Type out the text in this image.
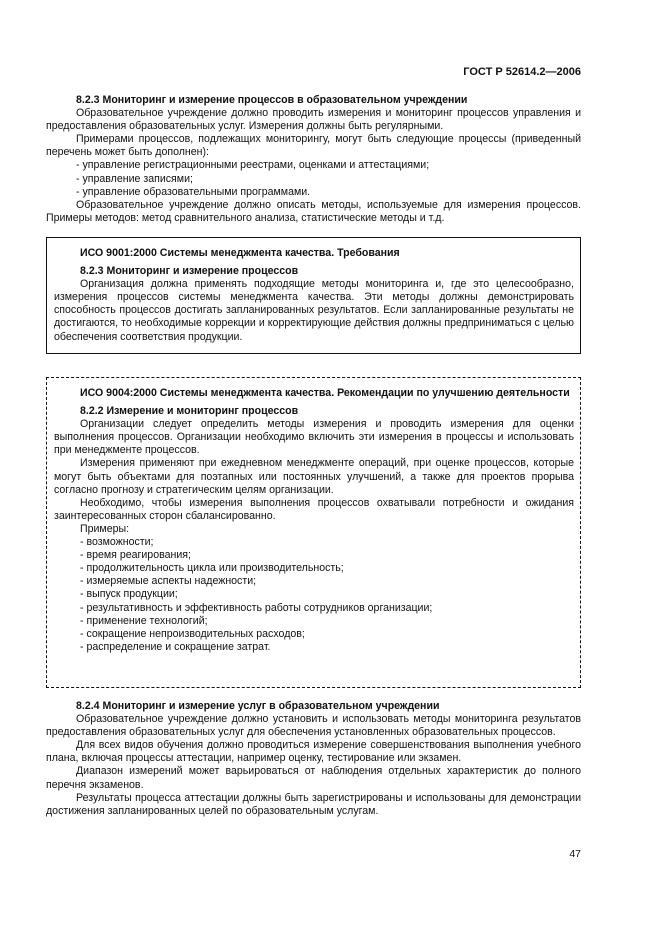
ГОСТ Р 52614.2—2006

8.2.3 Мониторинг и измерение процессов в образовательном учреждении

Образовательное учреждение должно проводить измерения и мониторинг процессов управления и предоставления образовательных услуг. Измерения должны быть регулярными.

Примерами процессов, подлежащих мониторингу, могут быть следующие процессы (приведенный перечень может быть дополнен):

- управление регистрационными реестрами, оценками и аттестациями;

- управление записями;

- управление образовательными программами.

Образовательное учреждение должно описать методы, используемые для измерения процессов. Примеры методов: метод сравнительного анализа, статистические методы и т.д.

ИСО 9001:2000 Системы менеджмента качества. Требования

8.2.3 Мониторинг и измерение процессов

Организация должна применять подходящие методы мониторинга и, где это целесообразно, измерения процессов системы менеджмента качества. Эти методы должны демонстрировать способность процессов достигать запланированных результатов. Если запланированные результаты не достигаются, то необходимые коррекции и корректирующие действия должны предприниматься с целью обеспечения соответствия продукции.

ИСО 9004:2000 Системы менеджмента качества. Рекомендации по улучшению деятельности

8.2.2 Измерение и мониторинг процессов

Организации следует определить методы измерения и проводить измерения для оценки выполнения процессов. Организации необходимо включить эти измерения в процессы и использовать при менеджменте процессов.

Измерения применяют при ежедневном менеджменте операций, при оценке процессов, которые могут быть объектами для поэтапных или постоянных улучшений, а также для проектов прорыва согласно прогнозу и стратегическим целям организации.

Необходимо, чтобы измерения выполнения процессов охватывали потребности и ожидания заинтересованных сторон сбалансированно.

Примеры:

- возможности;

- время реагирования;

- продолжительность цикла или производительность;

- измеряемые аспекты надежности;

- выпуск продукции;

- результативность и эффективность работы сотрудников организации;

- применение технологий;

- сокращение непроизводительных расходов;

- распределение и сокращение затрат.

8.2.4 Мониторинг и измерение услуг в образовательном учреждении

Образовательное учреждение должно установить и использовать методы мониторинга результатов предоставления образовательных услуг для обеспечения установленных образовательных процессов.

Для всех видов обучения должно проводиться измерение совершенствования выполнения учебного плана, включая процессы аттестации, например оценку, тестирование или экзамен.

Диапазон измерений может варьироваться от наблюдения отдельных характеристик до полного перечня экзаменов.

Результаты процесса аттестации должны быть зарегистрированы и использованы для демонстрации достижения запланированных целей по образовательным услугам.

47
